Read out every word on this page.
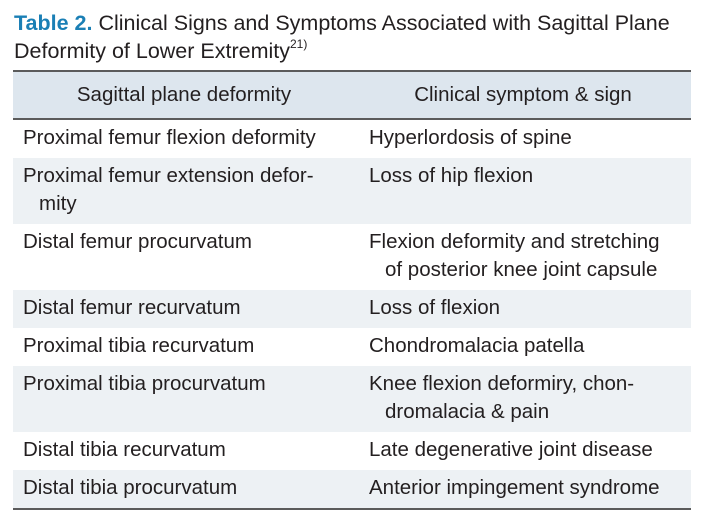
Table 2. Clinical Signs and Symptoms Associated with Sagittal Plane Deformity of Lower Extremity$^{21)}$
Sagittal plane deformity	Clinical symptom & sign

Proximal femur flexion deformity	Hyperlordosis of spine

Proximal femur extension defor-
mity	Loss of hip flexion

Distal femur procurvatum	Flexion deformity and stretching
of posterior knee joint capsule

Distal femur recurvatum	Loss of flexion

Proximal tibia recurvatum	Chondromalacia patella

Proximal tibia procurvatum	Knee flexion deformiry, chon-
dromalacia & pain

Distal tibia recurvatum	Late degenerative joint disease

Distal tibia procurvatum	Anterior impingement syndrome
